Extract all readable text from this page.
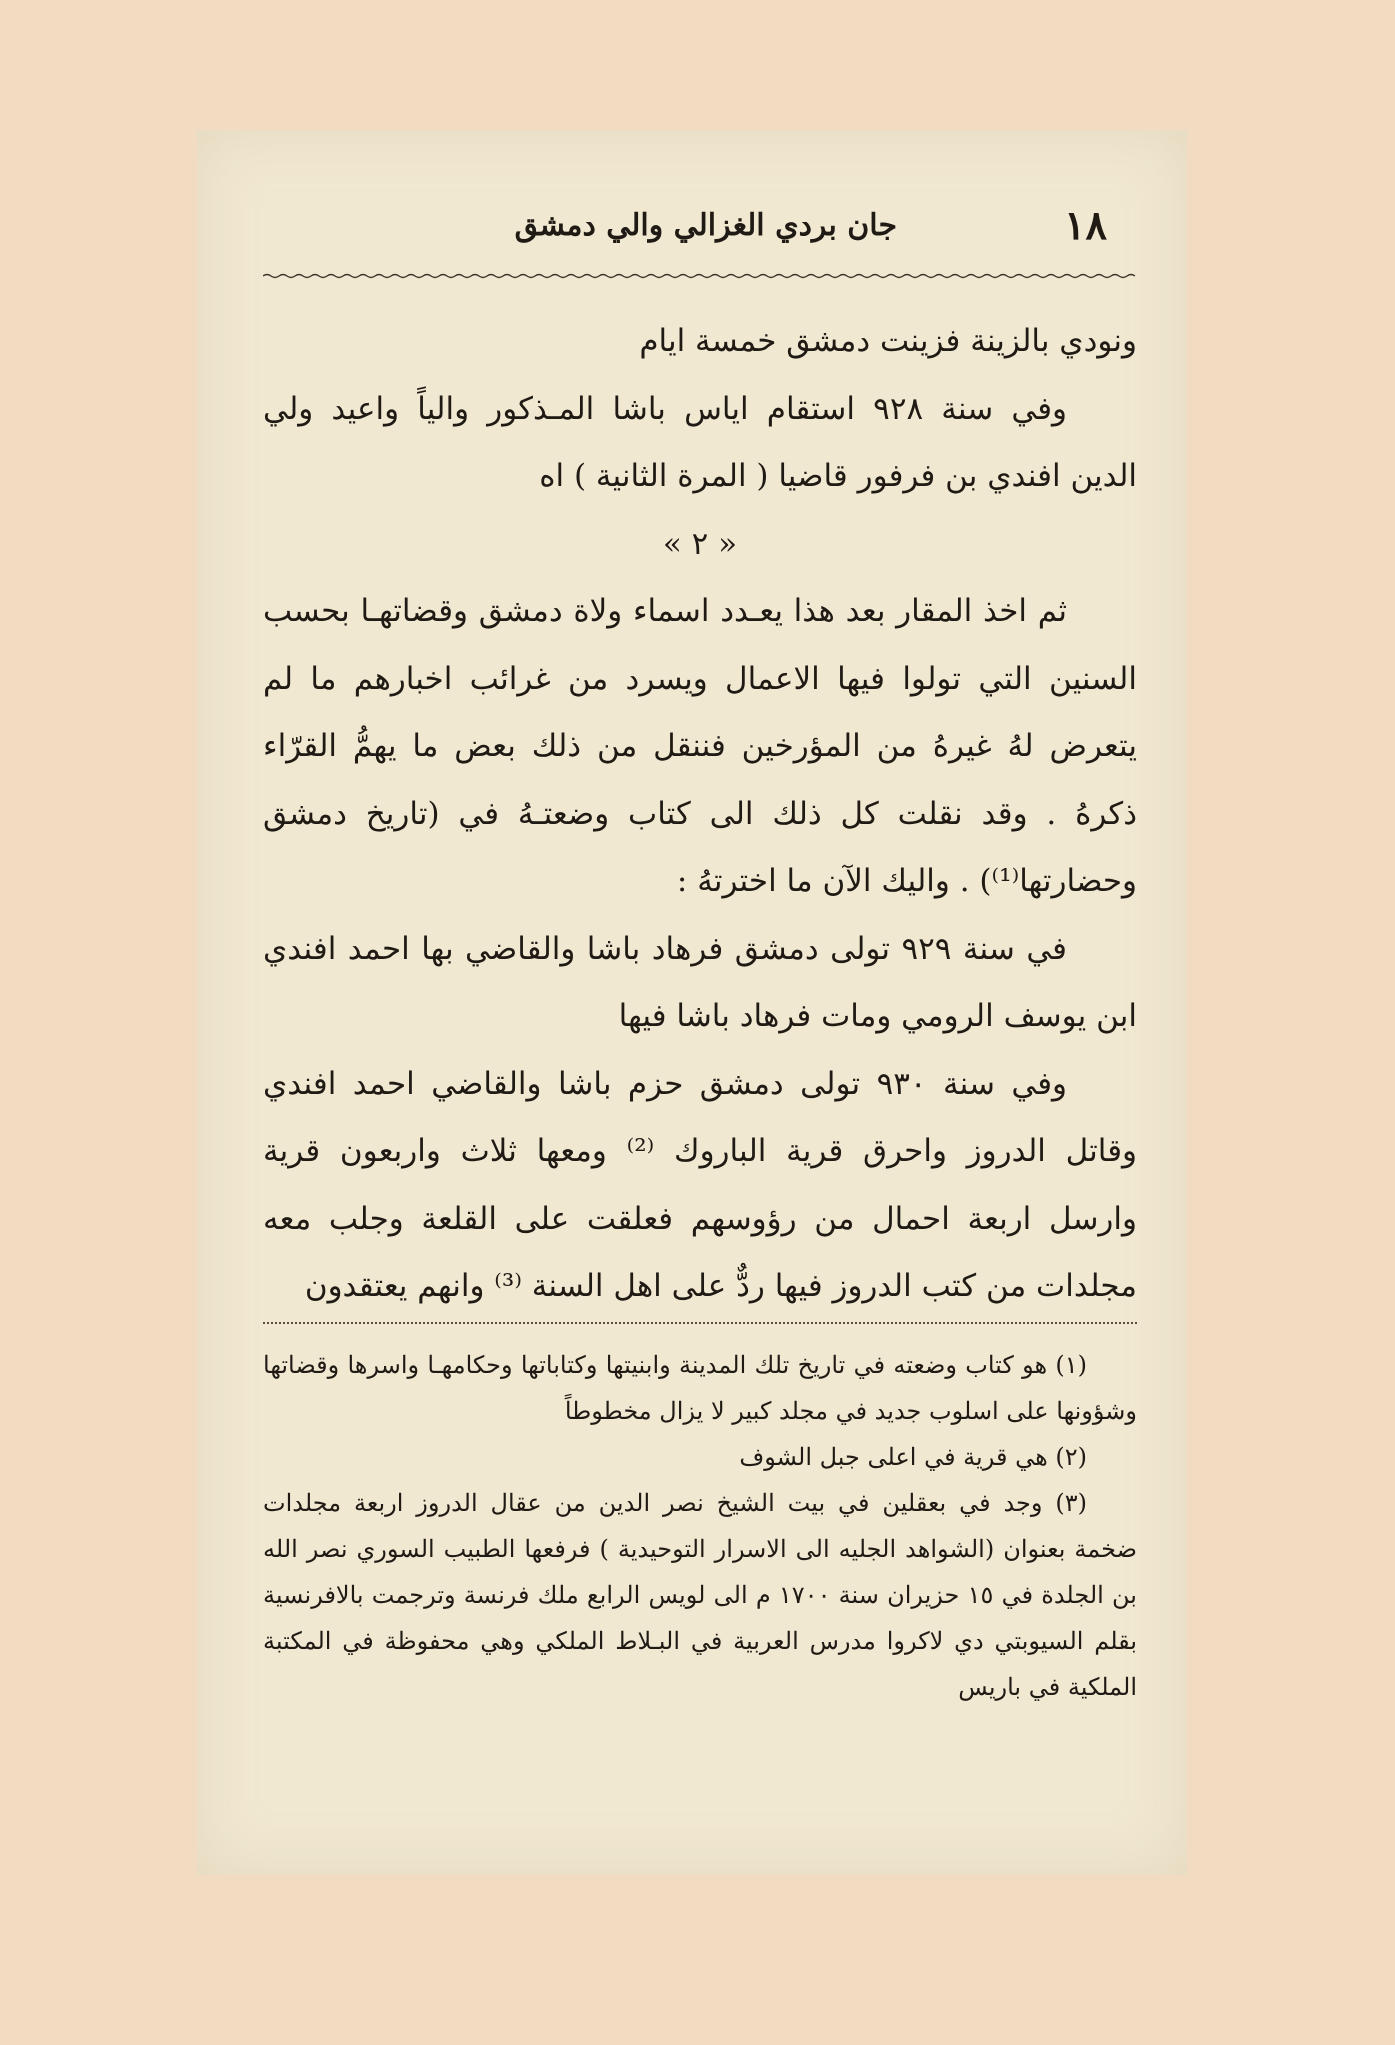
١٨
جان بردي الغزالي والي دمشق

ونودي بالزينة فزينت دمشق خمسة ايام

وفي سنة ٩٢٨ استقام اياس باشا المـذكور والياً واعيد ولي الدين افندي بن فرفور قاضيا ( المرة الثانية ) اه

« ٢ »

ثم اخذ المقار بعد هذا يعـدد اسماء ولاة دمشق وقضاتهـا بحسب السنين التي تولوا فيها الاعمال ويسرد من غرائب اخبارهم ما لم يتعرض لهُ غيرهُ من المؤرخين فننقل من ذلك بعض ما يهمُّ القرّاء ذكرهُ . وقد نقلت كل ذلك الى كتاب وضعتـهُ في (تاريخ دمشق وحضارتها⁽¹⁾) . واليك الآن ما اخترتهُ :

في سنة ٩٢٩ تولى دمشق فرهاد باشا والقاضي بها احمد افندي ابن يوسف الرومي ومات فرهاد باشا فيها

وفي سنة ٩٣٠ تولى دمشق حزم باشا والقاضي احمد افندي وقاتل الدروز واحرق قرية الباروك ⁽²⁾ ومعها ثلاث واربعون قرية وارسل اربعة احمال من رؤوسهم فعلقت على القلعة وجلب معه مجلدات من كتب الدروز فيها ردٌّ على اهل السنة ⁽³⁾ وانهم يعتقدون

(١) هو كتاب وضعته في تاريخ تلك المدينة وابنيتها وكتاباتها وحكامهـا واسرها وقضاتها وشؤونها على اسلوب جديد في مجلد كبير لا يزال مخطوطاً

(٢) هي قرية في اعلى جبل الشوف

(٣) وجد في بعقلين في بيت الشيخ نصر الدين من عقال الدروز اربعة مجلدات ضخمة بعنوان (الشواهد الجليه الى الاسرار التوحيدية ) فرفعها الطبيب السوري نصر الله بن الجلدة في ١٥ حزيران سنة ١٧٠٠ م الى لويس الرابع ملك فرنسة وترجمت بالافرنسية بقلم السيوبتي دي لاكروا مدرس العربية في البـلاط الملكي وهي محفوظة في المكتبة الملكية في باريس
